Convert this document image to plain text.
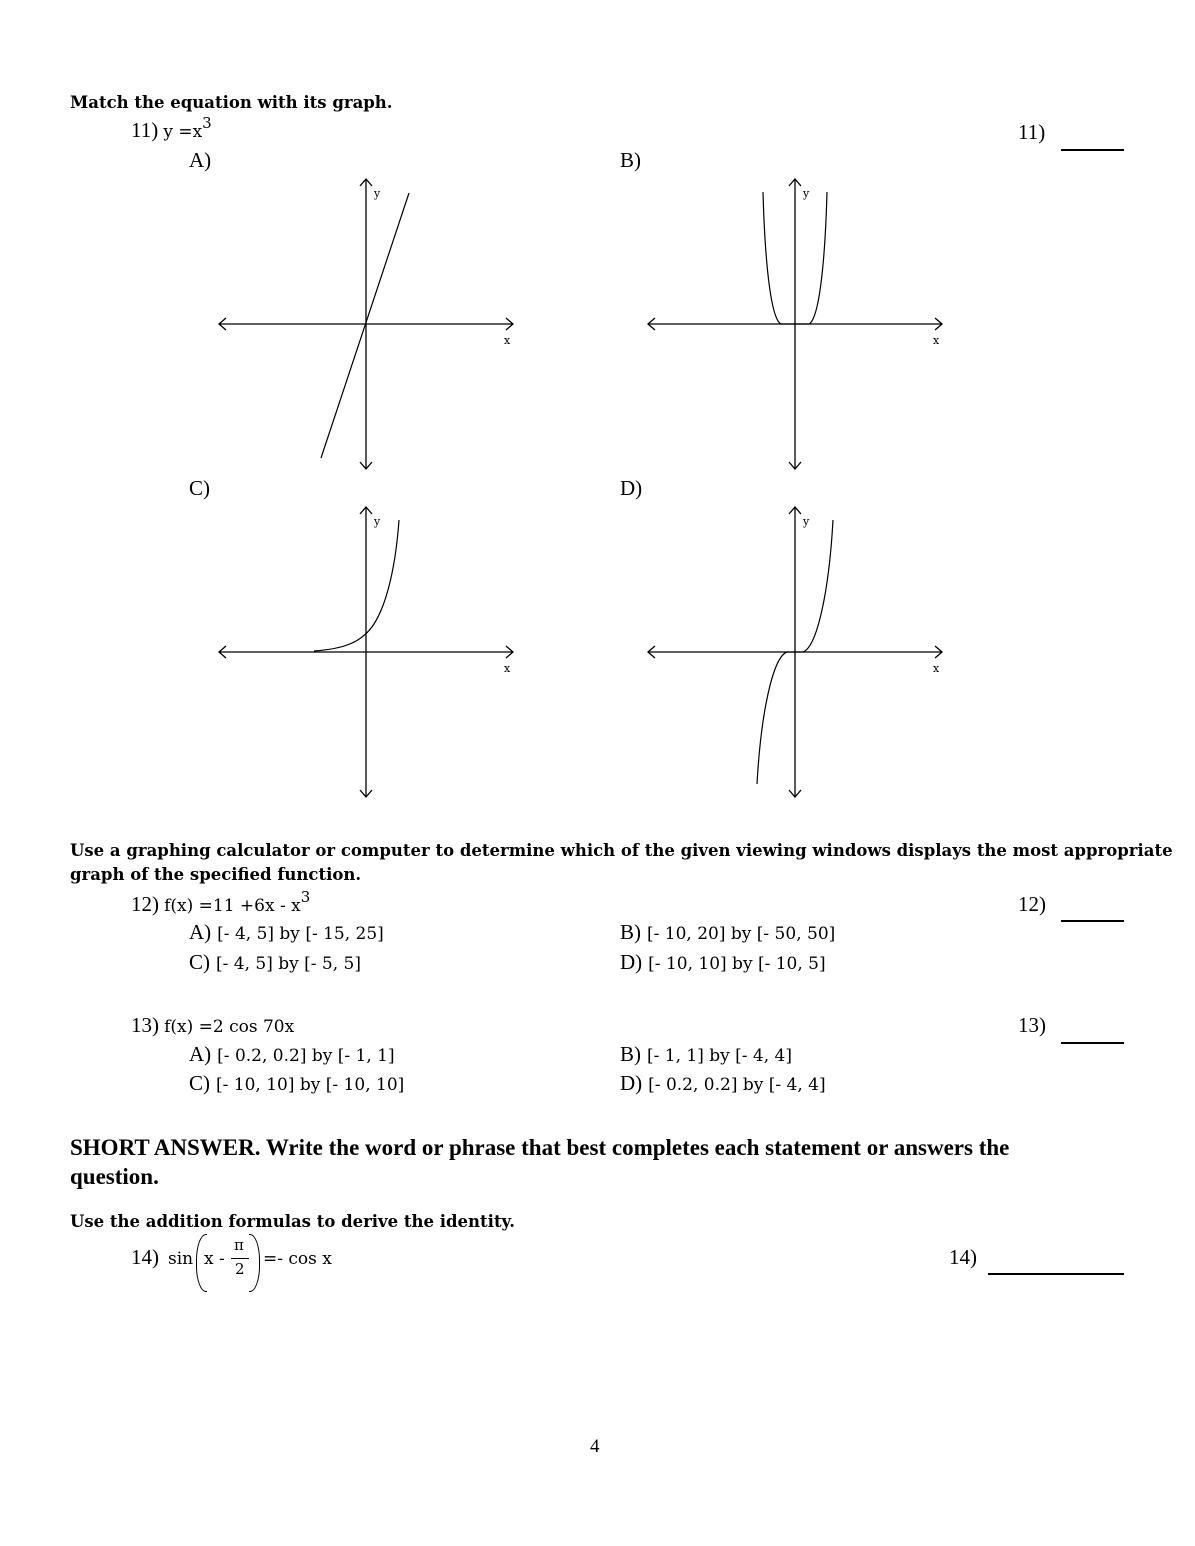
Match the equation with its graph.
11) $y =x^3$	11)
A)	B)
C)	D)
y
x
y
x
y
x
y
x
Use a graphing calculator or computer to determine which of the given viewing windows displays the most appropriate
graph of the specified function.
12) $f(x) =11 +6x - x^3$	12)
A) [- 4, 5] by [- 15, 25]	B) [- 10, 20] by [- 50, 50]
C) [- 4, 5] by [- 5, 5]	D) [- 10, 10] by [- 10, 5]
13) f(x) =2 cos 70x	13)
A) [- 0.2, 0.2] by [- 1, 1]	B) [- 1, 1] by [- 4, 4]
C) [- 10, 10] by [- 10, 10]	D) [- 0.2, 0.2] by [- 4, 4]
SHORT ANSWER. Write the word or phrase that best completes each statement or answers the question.
Use the addition formulas to derive the identity.
14) sin x -
π
2 =- cos x	14)
4
